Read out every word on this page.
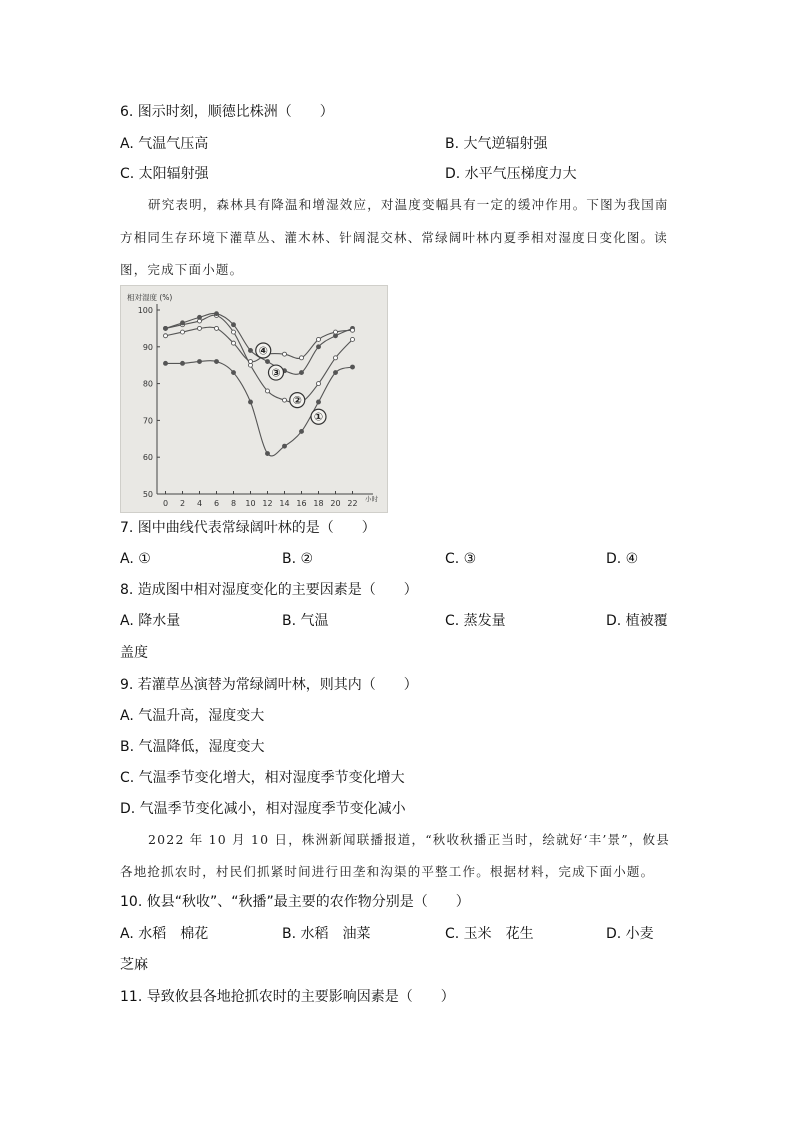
6. 图示时刻，顺德比株洲（　　）
A. 气温气压高	B. 大气逆辐射强
C. 太阳辐射强	D. 水平气压梯度力大
研究表明，森林具有降温和增湿效应，对温度变幅具有一定的缓冲作用。下图为我国南
方相同生存环境下灌草丛、灌木林、针阔混交林、常绿阔叶林内夏季相对湿度日变化图。读
图，完成下面小题。
相对湿度 (%)
小时
50
60
70
80
90
100
0 2 4 6 8 10 12 14 16 18 20 22
①
②
③
④
7. 图中曲线代表常绿阔叶林的是（　　）
A. ①	B. ②	C. ③	D. ④
8. 造成图中相对湿度变化的主要因素是（　　）
A. 降水量	B. 气温	C. 蒸发量	D. 植被覆
盖度
9. 若灌草丛演替为常绿阔叶林，则其内（　　）
A. 气温升高，湿度变大
B. 气温降低，湿度变大
C. 气温季节变化增大，相对湿度季节变化增大
D. 气温季节变化减小，相对湿度季节变化减小
2022 年 10 月 10 日，株洲新闻联播报道，“秋收秋播正当时，绘就好‘丰’景”，攸县
各地抢抓农时，村民们抓紧时间进行田垄和沟渠的平整工作。根据材料，完成下面小题。
10. 攸县“秋收”、“秋播”最主要的农作物分别是（　　）
A. 水稻　棉花	B. 水稻　油菜	C. 玉米　花生	D. 小麦
芝麻
11. 导致攸县各地抢抓农时的主要影响因素是（　　）
